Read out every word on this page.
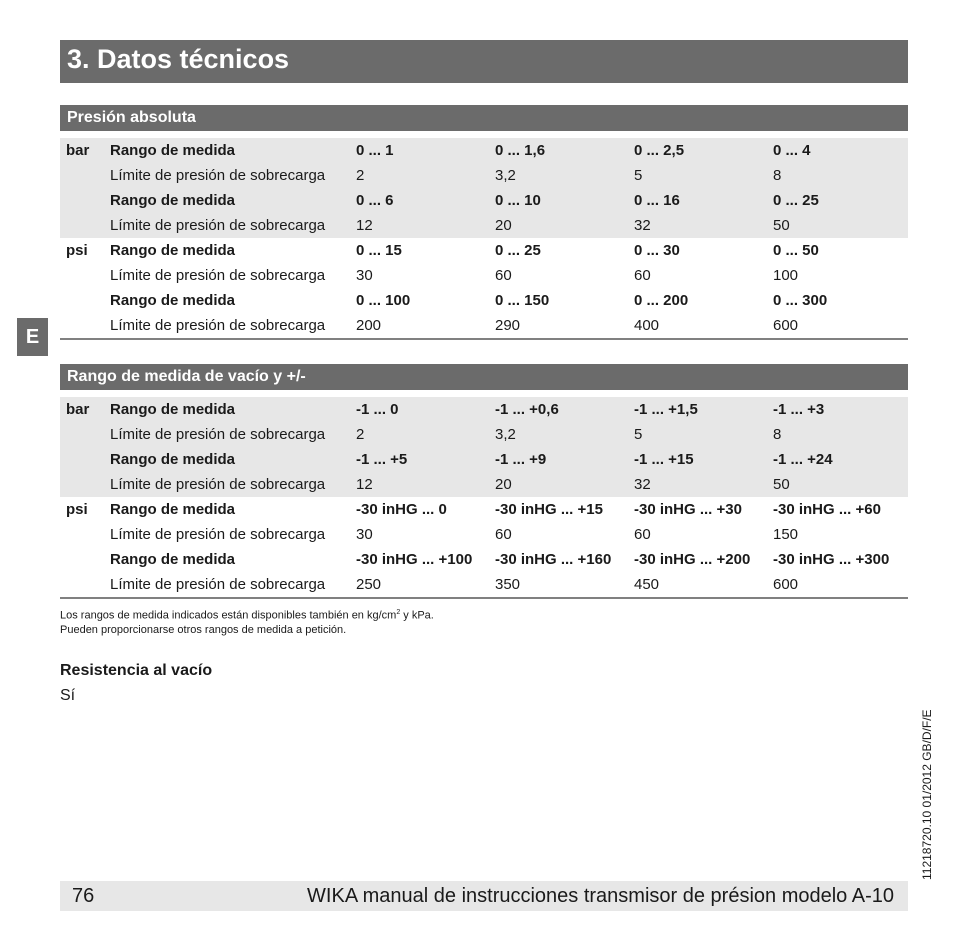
3. Datos técnicos
E
Presión absoluta
bar	Rango de medida	0 ... 1	0 ... 1,6	0 ... 2,5	0 ... 4
	Límite de presión de sobrecarga	2	3,2	5	8
	Rango de medida	0 ... 6	0 ... 10	0 ... 16	0 ... 25
	Límite de presión de sobrecarga	12	20	32	50
psi	Rango de medida	0 ... 15	0 ... 25	0 ... 30	0 ... 50
	Límite de presión de sobrecarga	30	60	60	100
	Rango de medida	0 ... 100	0 ... 150	0 ... 200	0 ... 300
	Límite de presión de sobrecarga	200	290	400	600
Rango de medida de vacío y +/-
bar	Rango de medida	-1 ... 0	-1 ... +0,6	-1 ... +1,5	-1 ... +3
	Límite de presión de sobrecarga	2	3,2	5	8
	Rango de medida	-1 ... +5	-1 ... +9	-1 ... +15	-1 ... +24
	Límite de presión de sobrecarga	12	20	32	50
psi	Rango de medida	-30 inHG ... 0	-30 inHG ... +15	-30 inHG ... +30	-30 inHG ... +60
	Límite de presión de sobrecarga	30	60	60	150
	Rango de medida	-30 inHG ... +100	-30 inHG ... +160	-30 inHG ... +200	-30 inHG ... +300
	Límite de presión de sobrecarga	250	350	450	600
Los rangos de medida indicados están disponibles también en $kg/cm^2$ y kPa.
Pueden proporcionarse otros rangos de medida a petición.
Resistencia al vacío
Sí
11218720.10 01/2012 GB/D/F/E
76	WIKA manual de instrucciones transmisor de présion modelo A-10
